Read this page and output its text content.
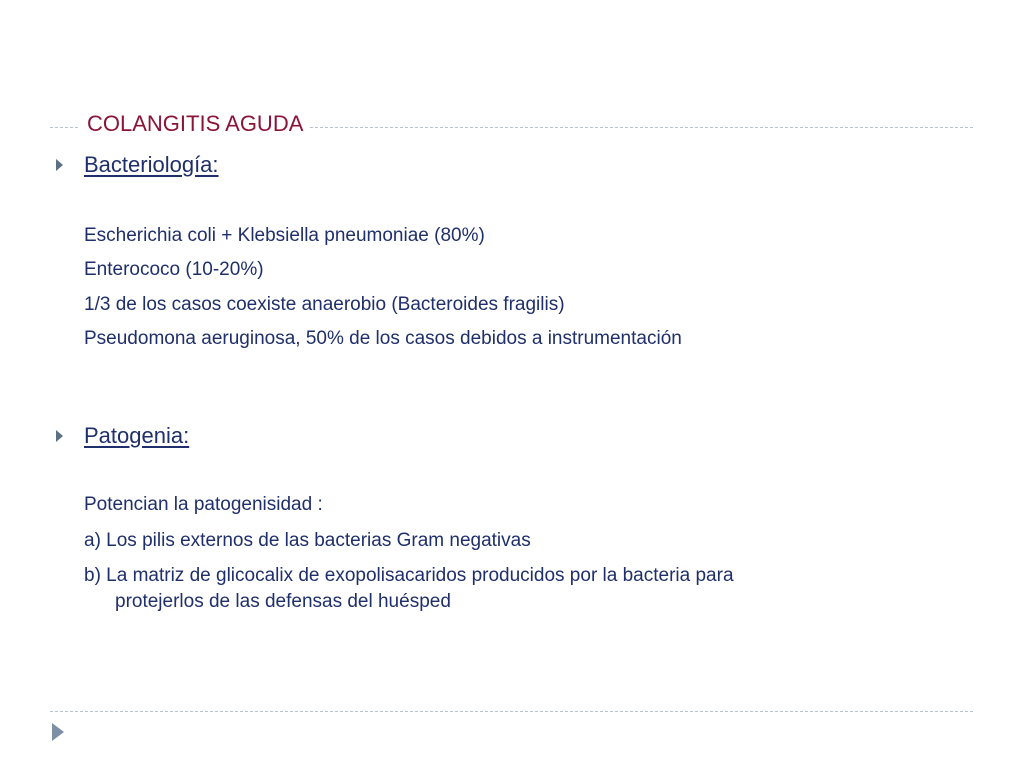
COLANGITIS AGUDA
Bacteriología:
Escherichia coli + Klebsiella pneumoniae (80%)
Enterococo (10-20%)
1/3 de los casos coexiste anaerobio (Bacteroides fragilis)
Pseudomona aeruginosa, 50% de los casos debidos a instrumentación
Patogenia:
Potencian la patogenisidad :
a) Los pilis externos de las bacterias Gram negativas
b) La matriz de glicocalix de exopolisacaridos producidos por la bacteria para
protejerlos de las defensas del huésped
